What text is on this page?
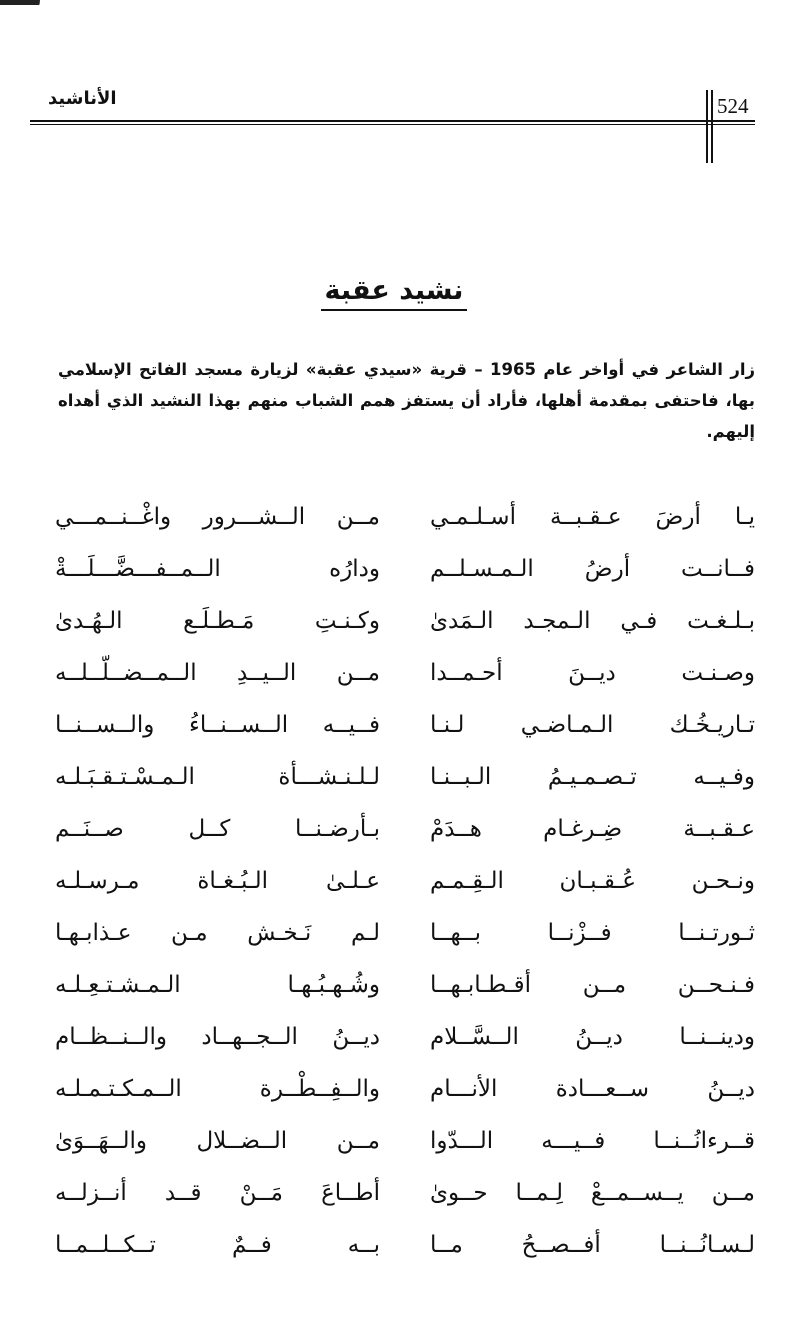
524
الأناشيد
نشيد عقبة
زار الشاعر في أواخر عام 1965 – قرية «سيدي عقبة» لزيارة مسجد الفاتح الإسلامي بها، فاحتفى بمقدمة أهلها، فأراد أن يستفز همم الشباب منهم بهذا النشيد الذي أهداه إليهم.
يـا أرضَ عـقـبــة أسـلـمـي
مــن الــشـــرور واغْــنــمـــي
فــانــت أرضُ الـمـسـلــم
ودارُه الــمــفـــضَّـــلَـــةْ
بـلـغـت فـي الـمجـد الـمَدىٰ
وكـنـتِ مَـطـلَـع الـهُـدىٰ
وصـنـت ديــنَ أحـمــدا
مــن الــيــدِ الــمــضــلّــلــه
تـاريـخُـك الـمـاضـي لـنـا
فــيــه الــســنــاءُ والــســنــا
وفـيــه تـصـمـيـمُ الـبــنـا
لـلـنـشـــأة الـمـسْـتـقـبَـلـه
عـقـبــة ضِـرغـام هــدَمْ
بـأرضـنــا كــل صــنَــم
ونـحـن عُـقـبـان الـقِـمـم
عـلـىٰ الـبُـغـاة مـرسـلـه
ثـورتـنــا فــزْنــا بــهــا
لـم نَـخـش مـن عـذابـهـا
فـنـحــن مــن أقـطـابـهــا
وشُـهـبُـهـا الـمـشـتـعِـلـه
ودينــنــا ديــنُ الــسَّــلام
ديــنُ الــجــهــاد والــنــظــام
ديــنُ ســعـــادة الأنـــام
والــفِــطْــرة الــمـكـتـمـلـه
قــرءانُــنــا فــيـــه الـــدّوا
مــن الــضــلال والــهَــوَىٰ
مــن يــســمــعْ لِـمــا حــوىٰ
أطــاعَ مَــنْ قــد أنــزلــه
لـسـانُــنــا أفــصــحُ مــا
بــه فــمٌ تــكــلــمــا
